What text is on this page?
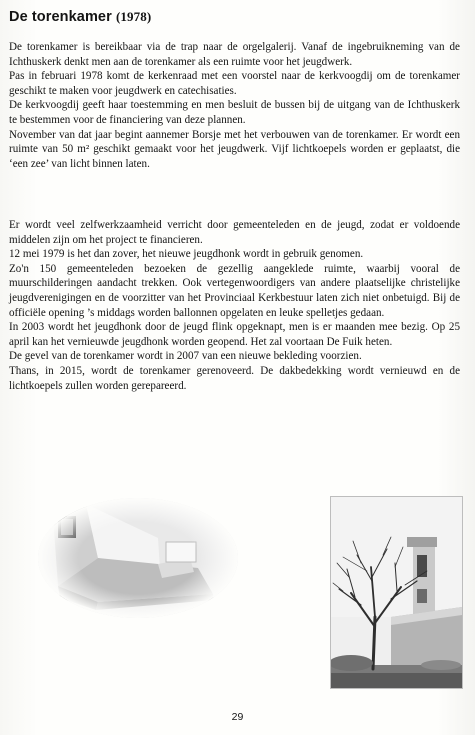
De torenkamer (1978)

De torenkamer is bereikbaar via de trap naar de orgelgalerij. Vanaf de ingebruikneming van de Ichthuskerk denkt men aan de torenkamer als een ruimte voor het jeugdwerk.

Pas in februari 1978 komt de kerkenraad met een voorstel naar de kerkvoogdij om de torenkamer geschikt te maken voor jeugdwerk en catechisaties.

De kerkvoogdij geeft haar toestemming en men besluit de bussen bij de uitgang van de Ichthuskerk te bestemmen voor de financiering van deze plannen.

November van dat jaar begint aannemer Borsje met het verbouwen van de torenkamer. Er wordt een ruimte van 50 m² geschikt gemaakt voor het jeugdwerk. Vijf lichtkoepels worden er geplaatst, die ‘een zee’ van licht binnen laten.

Er wordt veel zelfwerkzaamheid verricht door gemeenteleden en de jeugd, zodat er voldoende middelen zijn om het project te financieren.

12 mei 1979 is het dan zover, het nieuwe jeugdhonk wordt in gebruik genomen.

Zo'n 150 gemeenteleden bezoeken de gezellig aangeklede ruimte, waarbij vooral de muurschilderingen aandacht trekken. Ook vertegenwoordigers van andere plaatselijke christelijke jeugdverenigingen en de voorzitter van het Provinciaal Kerkbestuur laten zich niet onbetuigd. Bij de officiële opening ’s middags worden ballonnen opgelaten en leuke spelletjes gedaan.

In 2003 wordt het jeugdhonk door de jeugd flink opgeknapt, men is er maanden mee bezig. Op 25 april kan het vernieuwde jeugdhonk worden geopend. Het zal voortaan De Fuik heten.

De gevel van de torenkamer wordt in 2007 van een nieuwe bekleding voorzien.

Thans, in 2015, wordt de torenkamer gerenoveerd. De dakbedekking wordt vernieuwd en de lichtkoepels zullen worden gerepareerd.

29
